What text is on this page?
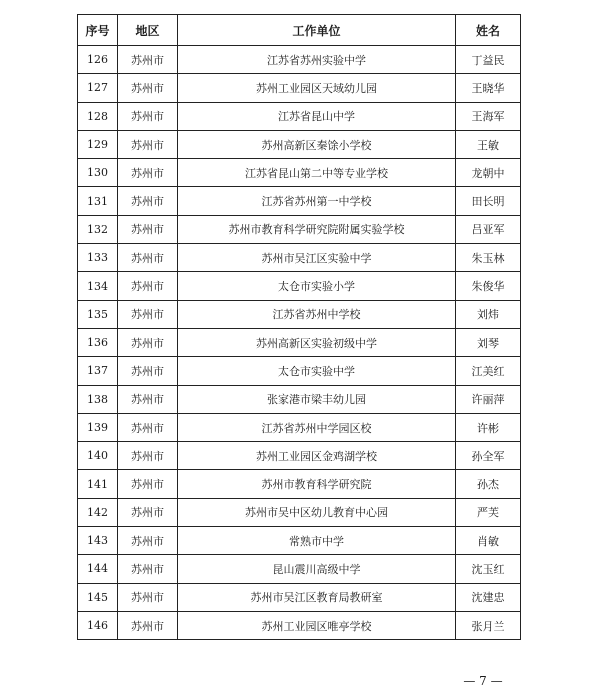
序号	地区	工作单位	姓名
126	苏州市	江苏省苏州实验中学	丁益民
127	苏州市	苏州工业园区天域幼儿园	王晓华
128	苏州市	江苏省昆山中学	王海军
129	苏州市	苏州高新区秦馀小学校	王敏
130	苏州市	江苏省昆山第二中等专业学校	龙朝中
131	苏州市	江苏省苏州第一中学校	田长明
132	苏州市	苏州市教育科学研究院附属实验学校	吕亚军
133	苏州市	苏州市吴江区实验中学	朱玉林
134	苏州市	太仓市实验小学	朱俊华
135	苏州市	江苏省苏州中学校	刘炜
136	苏州市	苏州高新区实验初级中学	刘琴
137	苏州市	太仓市实验中学	江美红
138	苏州市	张家港市梁丰幼儿园	许丽萍
139	苏州市	江苏省苏州中学园区校	许彬
140	苏州市	苏州工业园区金鸡湖学校	孙全军
141	苏州市	苏州市教育科学研究院	孙杰
142	苏州市	苏州市吴中区幼儿教育中心园	严芙
143	苏州市	常熟市中学	肖敏
144	苏州市	昆山震川高级中学	沈玉红
145	苏州市	苏州市吴江区教育局教研室	沈建忠
146	苏州市	苏州工业园区唯亭学校	张月兰
— 7 —
